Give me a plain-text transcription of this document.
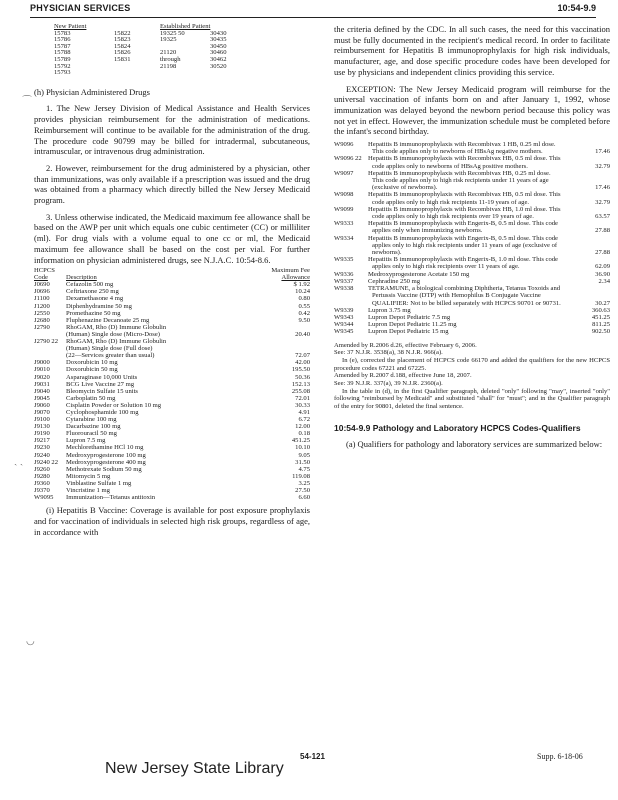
PHYSICIAN SERVICES	10:54-9.9
New Patient		Established Patient	
15783	15822	19325 50	30430
15786	15823	19325	30435
15787	15824		30450
15788	15826	21120	30460
15789	15831	through	30462
15792		21198	30520
15793			

(h) Physician Administered Drugs

1. The New Jersey Division of Medical Assistance and Health Services provides physician reimbursement for the administration of medications. Reimbursement will continue to be available for the administration of the drug. The procedure code 90799 may be billed for intradermal, subcutaneous, intramuscular, or intravenous drug administration.

2. However, reimbursement for the drug administered by a physician, other than immunizations, was only available if a prescription was issued and the drug was obtained from a pharmacy which directly billed the New Jersey Medicaid program.

3. Unless otherwise indicated, the Medicaid maximum fee allowance shall be based on the AWP per unit which equals one cubic centimeter (CC) or milliliter (ml). For drug vials with a volume equal to one cc or ml, the Medicaid maximum fee allowance shall be based on the cost per vial. For further information on physician administered drugs, see N.J.A.C. 10:54-8.6.

HCPCS		Maximum Fee
Code	Description	Allowance
J0690	Cefazolin 500 mg	$ 1.92
J0696	Ceftriaxone 250 mg	10.24
J1100	Dexamethasone 4 mg	0.80
J1200	Diphenhydramine 50 mg	0.55
J2550	Promethazine 50 mg	0.42
J2680	Fluphenazine Decanoate 25 mg	9.50
J2790	RhoGAM, Rho (D) Immune Globulin	
	(Human) Single dose (Micro-Dose)	20.40
J2790 22	RhoGAM, Rho (D) Immune Globulin	
	(Human) Single dose (Full dose)	
	(22—Services greater than usual)	72.07
J9000	Doxorubicin 10 mg	42.00
J9010	Doxorubicin 50 mg	195.50
J9020	Asparaginase 10,000 Units	50.36
J9031	BCG Live Vaccine 27 mg	152.13
J9040	Bleomycin Sulfate 15 units	255.08
J9045	Carboplatin 50 mg	72.01
J9060	Cisplatin Powder or Solution 10 mg	30.33
J9070	Cyclophosphamide 100 mg	4.91
J9100	Cytarabine 100 mg	6.72
J9130	Dacarbazine 100 mg	12.00
J9190	Fluorouracil 50 mg	0.18
J9217	Lupron 7.5 mg	451.25
J9230	Mechlorethamine HCl 10 mg	10.10
J9240	Medroxyprogesterone 100 mg	9.05
J9240 22	Medroxyprogesterone 400 mg	31.50
J9260	Methotrexate Sodium 50 mg	4.75
J9280	Mitomycin 5 mg	119.08
J9360	Vinblastine Sulfate 1 mg	3.25
J9370	Vincristine 1 mg	27.50
W9095	Immunization—Tetanus antitoxin	6.60

(i) Hepatitis B Vaccine: Coverage is available for post exposure prophylaxis and for vaccination of individuals in selected high risk groups, regardless of age, in accordance with

the criteria defined by the CDC. In all such cases, the need for this vaccination must be fully documented in the recipient's medical record. In order to facilitate reimbursement for Hepatitis B immunoprophylaxis for high risk individuals, manufacturer, age, and dose specific procedure codes have been developed for use by physicians and independent clinics providing this service.

EXCEPTION: The New Jersey Medicaid program will reimburse for the universal vaccination of infants born on and after January 1, 1992, whose immunization was delayed beyond the newborn period because this policy was not yet in effect. However, the immunization schedule must be completed before the infant's second birthday.

W9096	Hepatitis B immunoprophylaxis with Recombivax 1 HB, 0.25 ml dose. This code applies only to newborns of HBsAg negative mothers.	17.46
W9096 22	Hepatitis B immunoprophylaxis with Recombivax HB, 0.5 ml dose. This code applies only to newborns of HBsAg positive mothers.	32.79
W9097	Hepatitis B immunoprophylaxis with Recombivax HB, 0.25 ml dose. This code applies only to high risk recipients under 11 years of age (exclusive of newborns).	17.46
W9098	Hepatitis B immunoprophylaxis with Recombivax HB, 0.5 ml dose. This code applies only to high risk recipients 11-19 years of age.	32.79
W9099	Hepatitis B immunoprophylaxis with Recombivax HB, 1.0 ml dose. This code applies only to high risk recipients over 19 years of age.	63.57
W9333	Hepatitis B immunoprophylaxis with Engerix-B, 0.5 ml dose. This code applies only when immunizing newborns.	27.88
W9334	Hepatitis B immunoprophylaxis with Engerix-B, 0.5 ml dose. This code applies only to high risk recipients under 11 years of age (exclusive of newborns).	27.88
W9335	Hepatitis B immunoprophylaxis with Engerix-B, 1.0 ml dose. This code applies only to high risk recipients over 11 years of age.	62.09
W9336	Medroxyprogesterone Acetate 150 mg	36.90
W9337	Cephradine 250 mg	2.34
W9338	TETRAMUNE, a biological combining Diphtheria, Tetanus Toxoids and Pertussis Vaccine (DTP) with Hemophilus B Conjugate Vaccine QUALIFIER: Not to be billed separately with HCPCS 90701 or 90731.	30.27
W9339	Lupron 3.75 mg	360.63
W9343	Lupron Depot Pediatric 7.5 mg	451.25
W9344	Lupron Depot Pediatric 11.25 mg	811.25
W9345	Lupron Depot Pediatric 15 mg	902.50

Amended by R.2006 d.26, effective February 6, 2006.

See: 37 N.J.R. 3538(a), 38 N.J.R. 966(a).

In (e), corrected the placement of HCPCS code 66170 and added the qualifiers for the new HCPCS procedure codes 67221 and 67225.

Amended by R.2007 d.188, effective June 18, 2007.

See: 39 N.J.R. 337(a), 39 N.J.R. 2360(a).

In the table in (d), in the first Qualifier paragraph, deleted "only" following "may", inserted "only" following "reimbursed by Medicaid" and substituted "shall" for "must"; and in the Qualifier paragraph of the entry for 90801, deleted the final sentence.

10:54-9.9 Pathology and Laboratory HCPCS Codes-Qualifiers

(a) Qualifiers for pathology and laboratory services are summarized below:

54-121	Supp. 6-18-06
New Jersey State Library
⌒
ˎ ˏ
◡
